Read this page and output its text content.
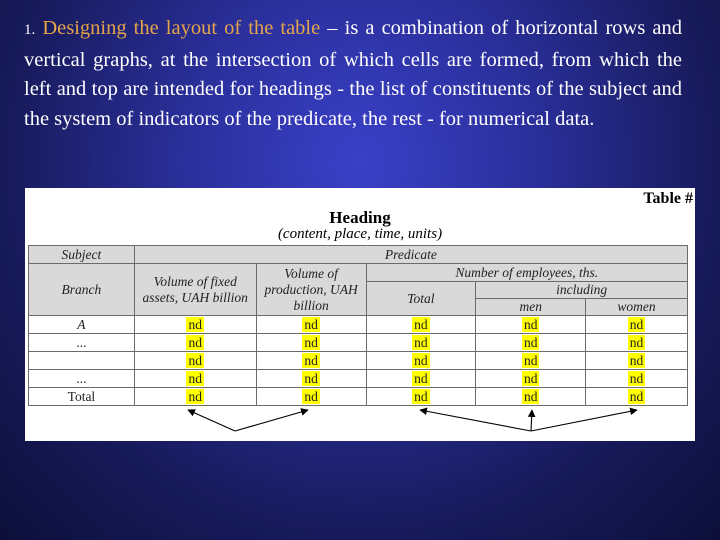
1. Designing the layout of the table – is a combination of horizontal rows and vertical graphs, at the intersection of which cells are formed, from which the left and top are intended for headings - the list of constituents of the subject and the system of indicators of the predicate, the rest - for numerical data.
Table #
Heading
(content, place, time, units)
Subject	Predicate				
Branch	Volume of fixed assets, UAH billion	Volume of production, UAH billion	Number of employees, ths.		
			Total	including	
				men	women
A	nd	nd	nd	nd	nd
...	nd	nd	nd	nd	nd
	nd	nd	nd	nd	nd
...	nd	nd	nd	nd	nd
Total	nd	nd	nd	nd	nd
